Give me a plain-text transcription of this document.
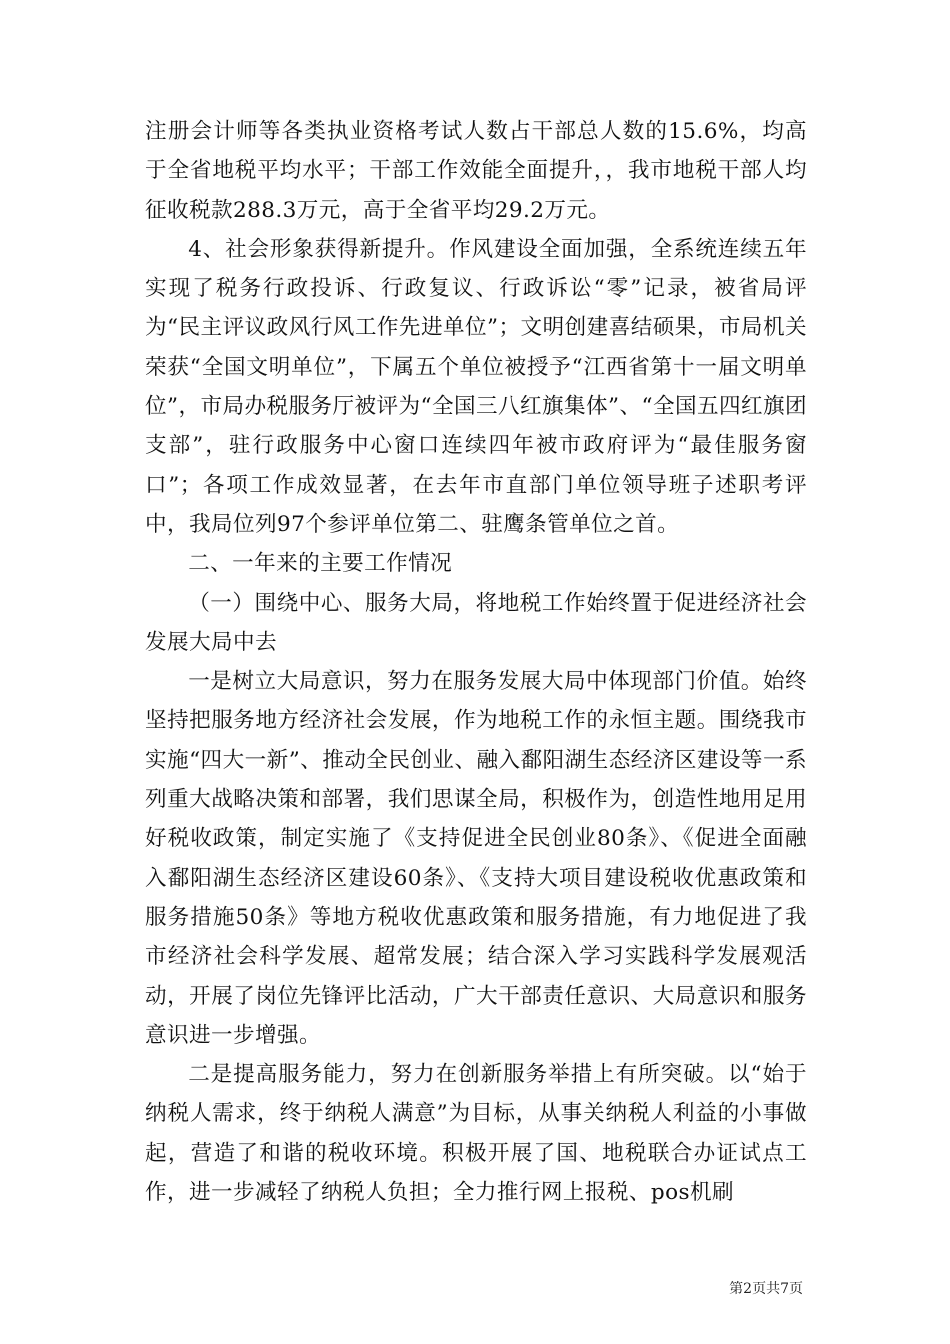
注册会计师等各类执业资格考试人数占干部总人数的15.6%，均高于全省地税平均水平；干部工作效能全面提升，，我市地税干部人均征收税款288.3万元，高于全省平均29.2万元。

4、社会形象获得新提升。作风建设全面加强，全系统连续五年实现了税务行政投诉、行政复议、行政诉讼“零”记录，被省局评为“民主评议政风行风工作先进单位”；文明创建喜结硕果，市局机关荣获“全国文明单位”，下属五个单位被授予“江西省第十一届文明单位”，市局办税服务厅被评为“全国三八红旗集体”、“全国五四红旗团支部”，驻行政服务中心窗口连续四年被市政府评为“最佳服务窗口”；各项工作成效显著，在去年市直部门单位领导班子述职考评中，我局位列97个参评单位第二、驻鹰条管单位之首。

二、一年来的主要工作情况

（一）围绕中心、服务大局，将地税工作始终置于促进经济社会发展大局中去

一是树立大局意识，努力在服务发展大局中体现部门价值。始终坚持把服务地方经济社会发展，作为地税工作的永恒主题。围绕我市实施“四大一新”、推动全民创业、融入鄱阳湖生态经济区建设等一系列重大战略决策和部署，我们思谋全局，积极作为，创造性地用足用好税收政策，制定实施了《支持促进全民创业80条》、《促进全面融入鄱阳湖生态经济区建设60条》、《支持大项目建设税收优惠政策和服务措施50条》等地方税收优惠政策和服务措施，有力地促进了我市经济社会科学发展、超常发展；结合深入学习实践科学发展观活动，开展了岗位先锋评比活动，广大干部责任意识、大局意识和服务意识进一步增强。

二是提高服务能力，努力在创新服务举措上有所突破。以“始于纳税人需求，终于纳税人满意”为目标，从事关纳税人利益的小事做起，营造了和谐的税收环境。积极开展了国、地税联合办证试点工作，进一步减轻了纳税人负担；全力推行网上报税、pos机刷

第2页共7页
